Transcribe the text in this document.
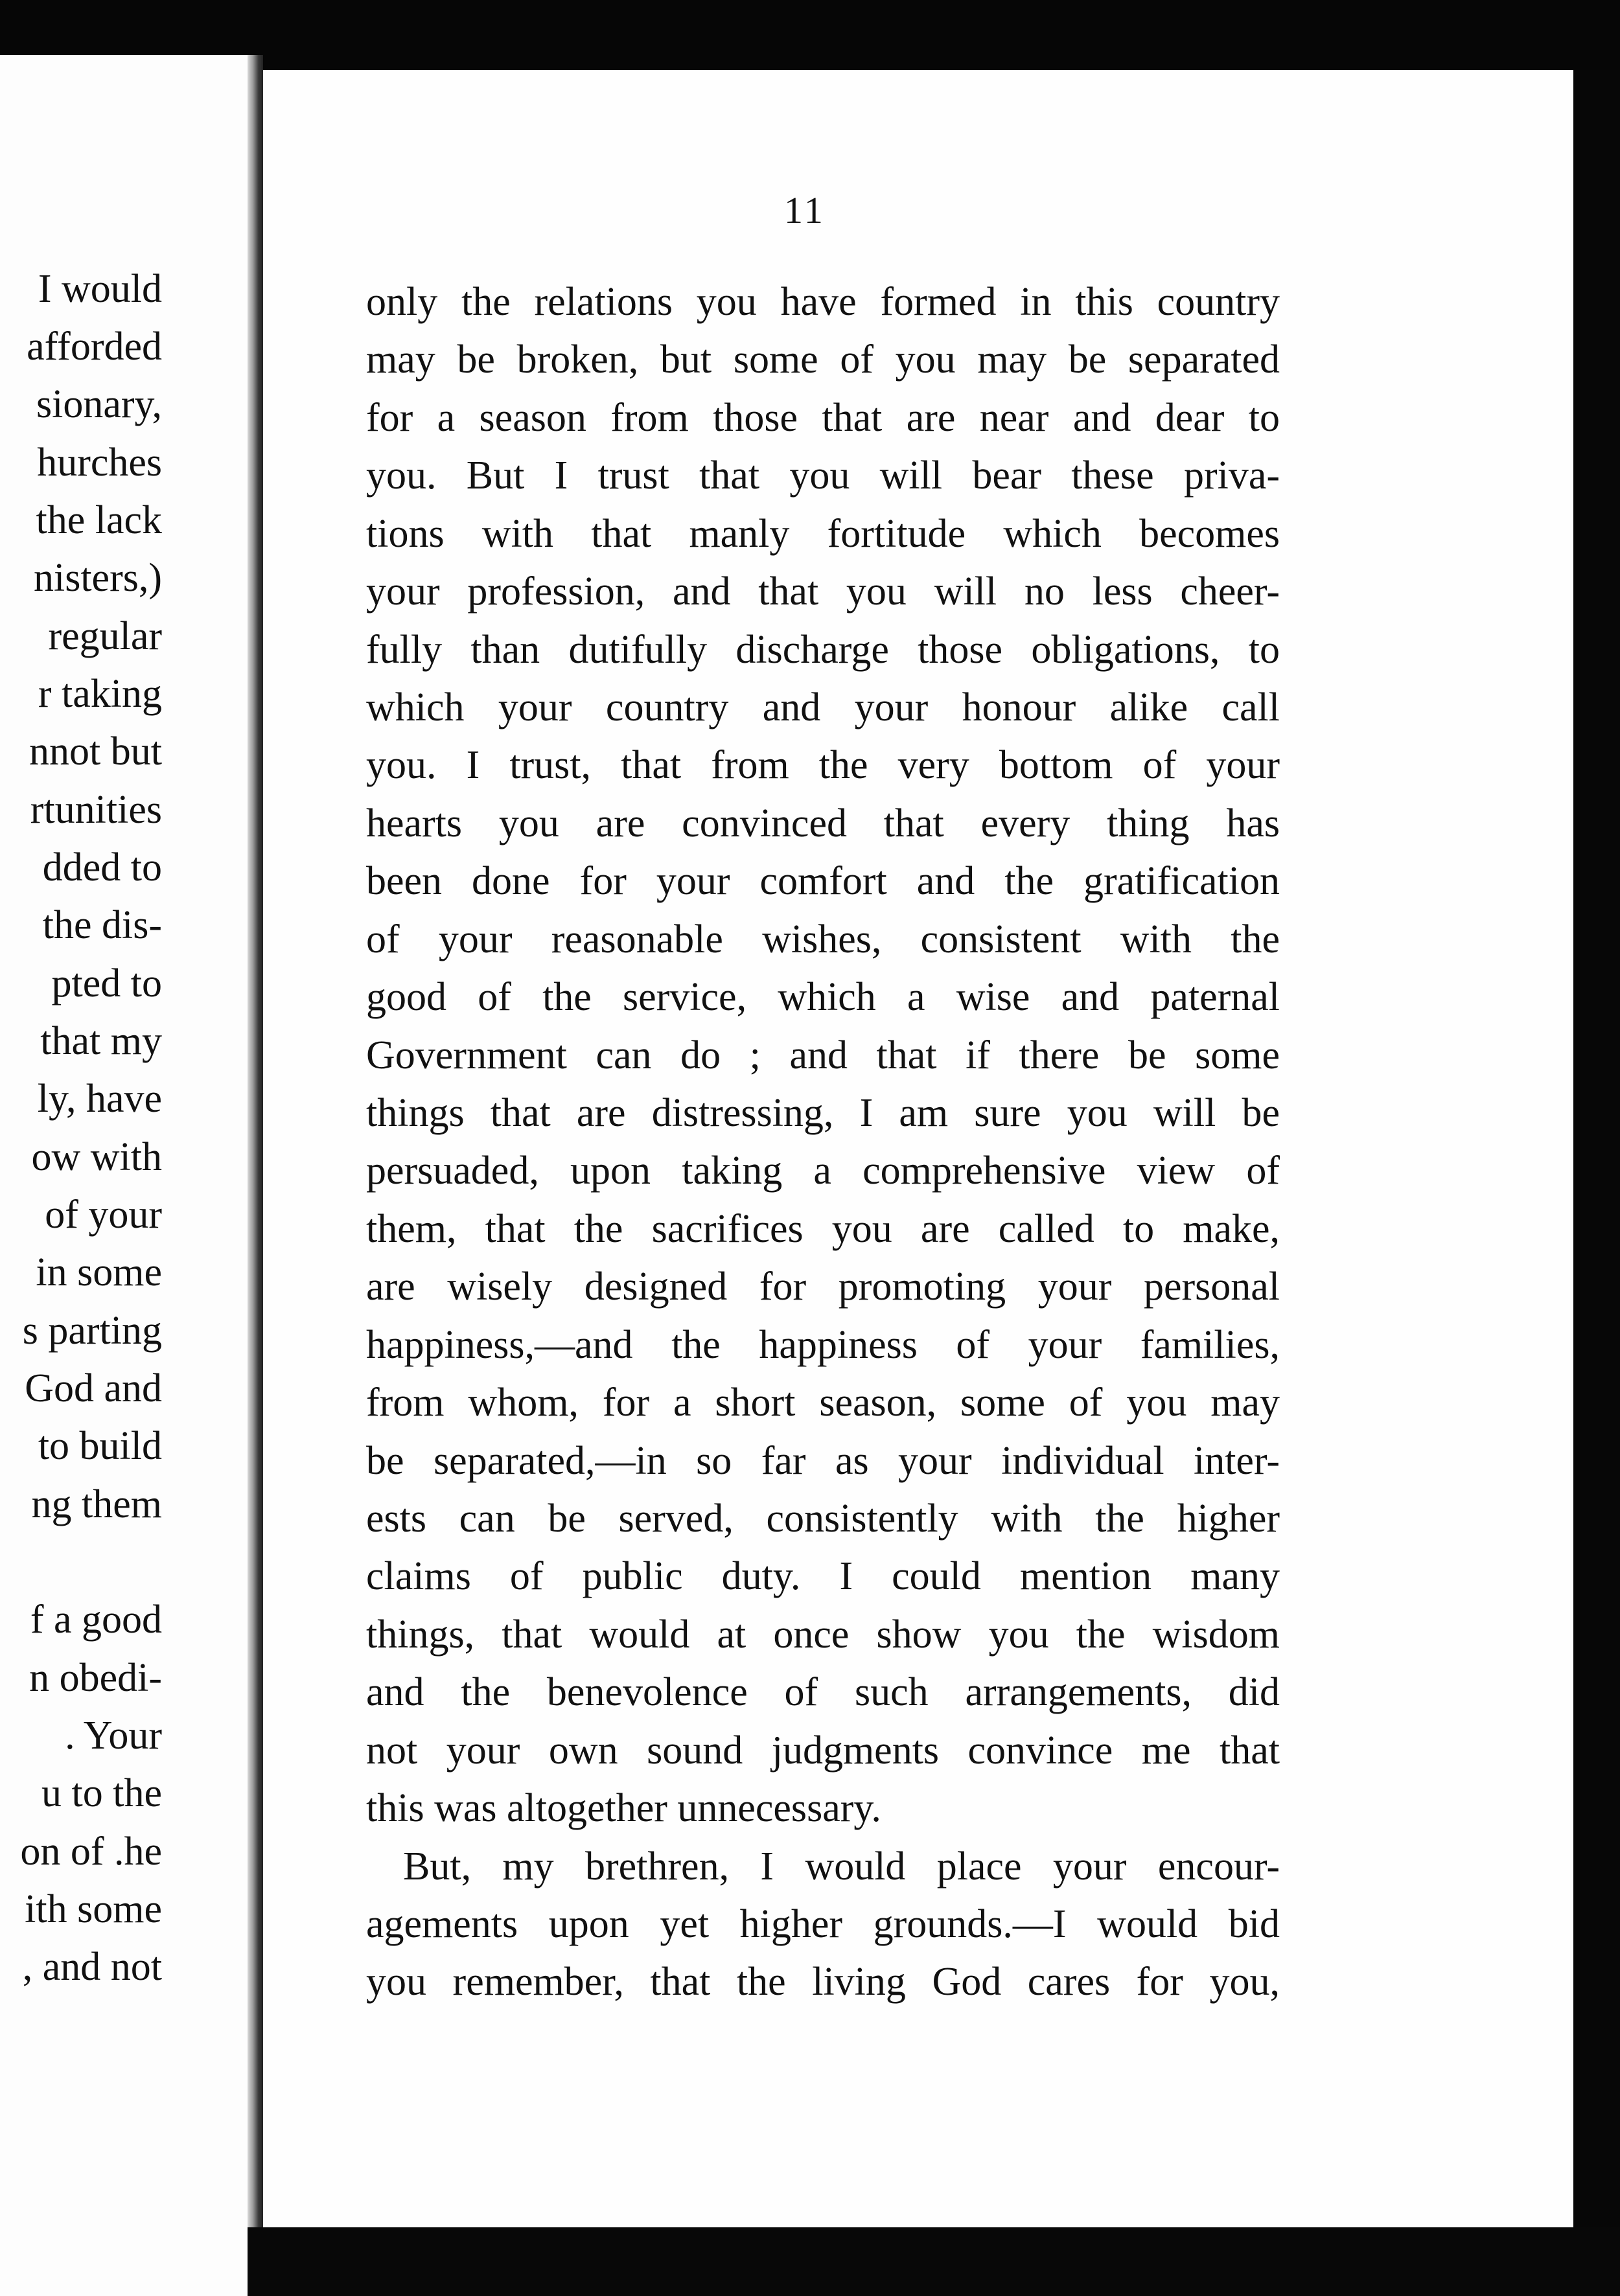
I would
afforded
sionary,
hurches
the lack
nisters,)
regular
r taking
nnot but
rtunities
dded to
the dis-
pted to
that my
ly, have
ow with
of your
in some
s parting
God and
to build
ng them
f a good
n obedi-
. Your
u to the
on of .he
ith some
, and not
11
only the relations you have formed in this country
may be broken, but some of you may be separated
for a season from those that are near and dear to
you. But I trust that you will bear these priva-
tions with that manly fortitude which becomes
your profession, and that you will no less cheer-
fully than dutifully discharge those obligations, to
which your country and your honour alike call
you. I trust, that from the very bottom of your
hearts you are convinced that every thing has
been done for your comfort and the gratification
of your reasonable wishes, consistent with the
good of the service, which a wise and paternal
Government can do ; and that if there be some
things that are distressing, I am sure you will be
persuaded, upon taking a comprehensive view of
them, that the sacrifices you are called to make,
are wisely designed for promoting your personal
happiness,—and the happiness of your families,
from whom, for a short season, some of you may
be separated,—in so far as your individual inter-
ests can be served, consistently with the higher
claims of public duty. I could mention many
things, that would at once show you the wisdom
and the benevolence of such arrangements, did
not your own sound judgments convince me that
this was altogether unnecessary.
But, my brethren, I would place your encour-
agements upon yet higher grounds.—I would bid
you remember, that the living God cares for you,
